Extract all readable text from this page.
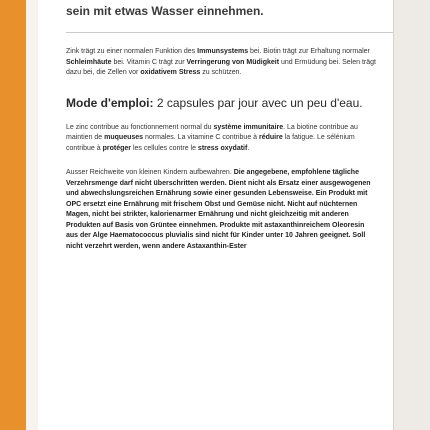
sein mit etwas Wasser einnehmen.
Zink trägt zu einer normalen Funktion des Immunsystems bei. Biotin trägt zur Erhaltung normaler Schleimhäute bei. Vitamin C trägt zur Verringerung von Müdigkeit und Ermüdung bei. Selen trägt dazu bei, die Zellen vor oxidativem Stress zu schützen.
Mode d'emploi: 2 capsules par jour avec un peu d'eau.
Le zinc contribue au fonctionnement normal du système immunitaire. La biotine contribue au maintien de muqueuses normales. La vitamine C contribue à réduire la fatigue. Le sélénium contribue à protéger les cellules contre le stress oxydatif.
Ausser Reichweite von kleinen Kindern aufbewahren. Die angegebene, empfohlene tägliche Verzehrsmenge darf nicht überschritten werden. Dient nicht als Ersatz einer ausgewogenen und abwechslungsreichen Ernährung sowie einer gesunden Lebensweise. Ein Produkt mit OPC ersetzt eine Ernährung mit frischem Obst und Gemüse nicht. Nicht auf nüchternen Magen, nicht bei strikter, kalorienarmer Ernährung und nicht gleichzeitig mit anderen Produkten auf Basis von Grüntee einnehmen. Produkte mit astaxanthinreichem Oleoresin aus der Alge Haematococcus pluvialis sind nicht für Kinder unter 10 Jahren geeignet. Soll nicht verzehrt werden, wenn andere Astaxanthin-Ester
